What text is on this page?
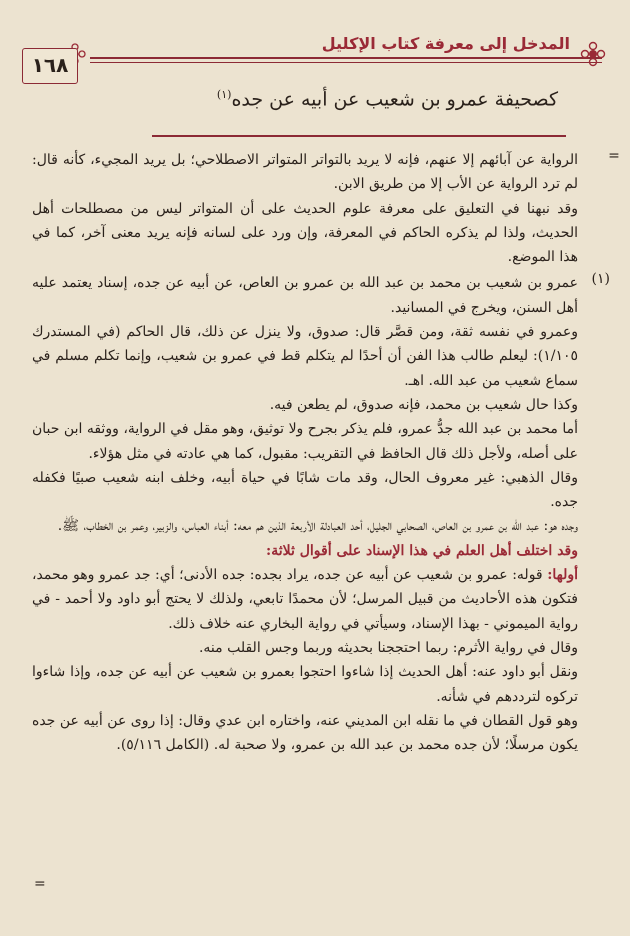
المدخل إلى معرفة كتاب الإكليل
١٦٨
كصحيفة عمرو بن شعيب عن أبيه عن جده$^{(١)}$
=

الرواية عن آبائهم إلا عنهم، فإنه لا يريد بالتواتر المتواتر الاصطلاحي؛ بل يريد المجيء، كأنه قال: لم ترد الرواية عن الأب إلا من طريق الابن.

وقد نبهنا في التعليق على معرفة علوم الحديث على أن المتواتر ليس من مصطلحات أهل الحديث، ولذا لم يذكره الحاكم في المعرفة، وإن ورد على لسانه فإنه يريد معنى آخر، كما في هذا الموضع.

(١)

عمرو بن شعيب بن محمد بن عبد الله بن عمرو بن العاص، عن أبيه عن جده، إسناد يعتمد عليه أهل السنن، ويخرج في المسانيد.

وعمرو في نفسه ثقة، ومن قصَّر قال: صدوق، ولا ينزل عن ذلك، قال الحاكم (في المستدرك ١/١٠٥): ليعلم طالب هذا الفن أن أحدًا لم يتكلم قط في عمرو بن شعيب، وإنما تكلم مسلم في سماع شعيب من عبد الله. اهـ.

وكذا حال شعيب بن محمد، فإنه صدوق، لم يطعن فيه.

أما محمد بن عبد الله جدُّ عمرو، فلم يذكر بجرح ولا توثيق، وهو مقل في الرواية، ووثقه ابن حبان على أصله، ولأجل ذلك قال الحافظ في التقريب: مقبول، كما هي عادته في مثل هؤلاء.

وقال الذهبي: غير معروف الحال، وقد مات شابًا في حياة أبيه، وخلف ابنه شعيب صبيًا فكفله جده.

وجده هو: عبد الله بن عمرو بن العاص، الصحابي الجليل، أحد العبادلة الأربعة الذين هم معه: أبناء العباس، والزبير، وعمر بن الخطاب، ﷺ.

وقد اختلف أهل العلم في هذا الإسناد على أقوال ثلاثة:

أولها: قوله: عمرو بن شعيب عن أبيه عن جده، يراد بجده: جده الأدنى؛ أي: جد عمرو وهو محمد، فتكون هذه الأحاديث من قبيل المرسل؛ لأن محمدًا تابعي، ولذلك لا يحتج أبو داود ولا أحمد - في رواية الميموني - بهذا الإسناد، وسيأتي في رواية البخاري عنه خلاف ذلك.

وقال في رواية الأثرم: ربما احتججنا بحديثه وربما وجس القلب منه.

ونقل أبو داود عنه: أهل الحديث إذا شاءوا احتجوا بعمرو بن شعيب عن أبيه عن جده، وإذا شاءوا تركوه لترددهم في شأنه.

وهو قول القطان في ما نقله ابن المديني عنه، واختاره ابن عدي وقال: إذا روى عن أبيه عن جده يكون مرسلًا؛ لأن جده محمد بن عبد الله بن عمرو، ولا صحبة له. (الكامل ٥/١١٦).

=
